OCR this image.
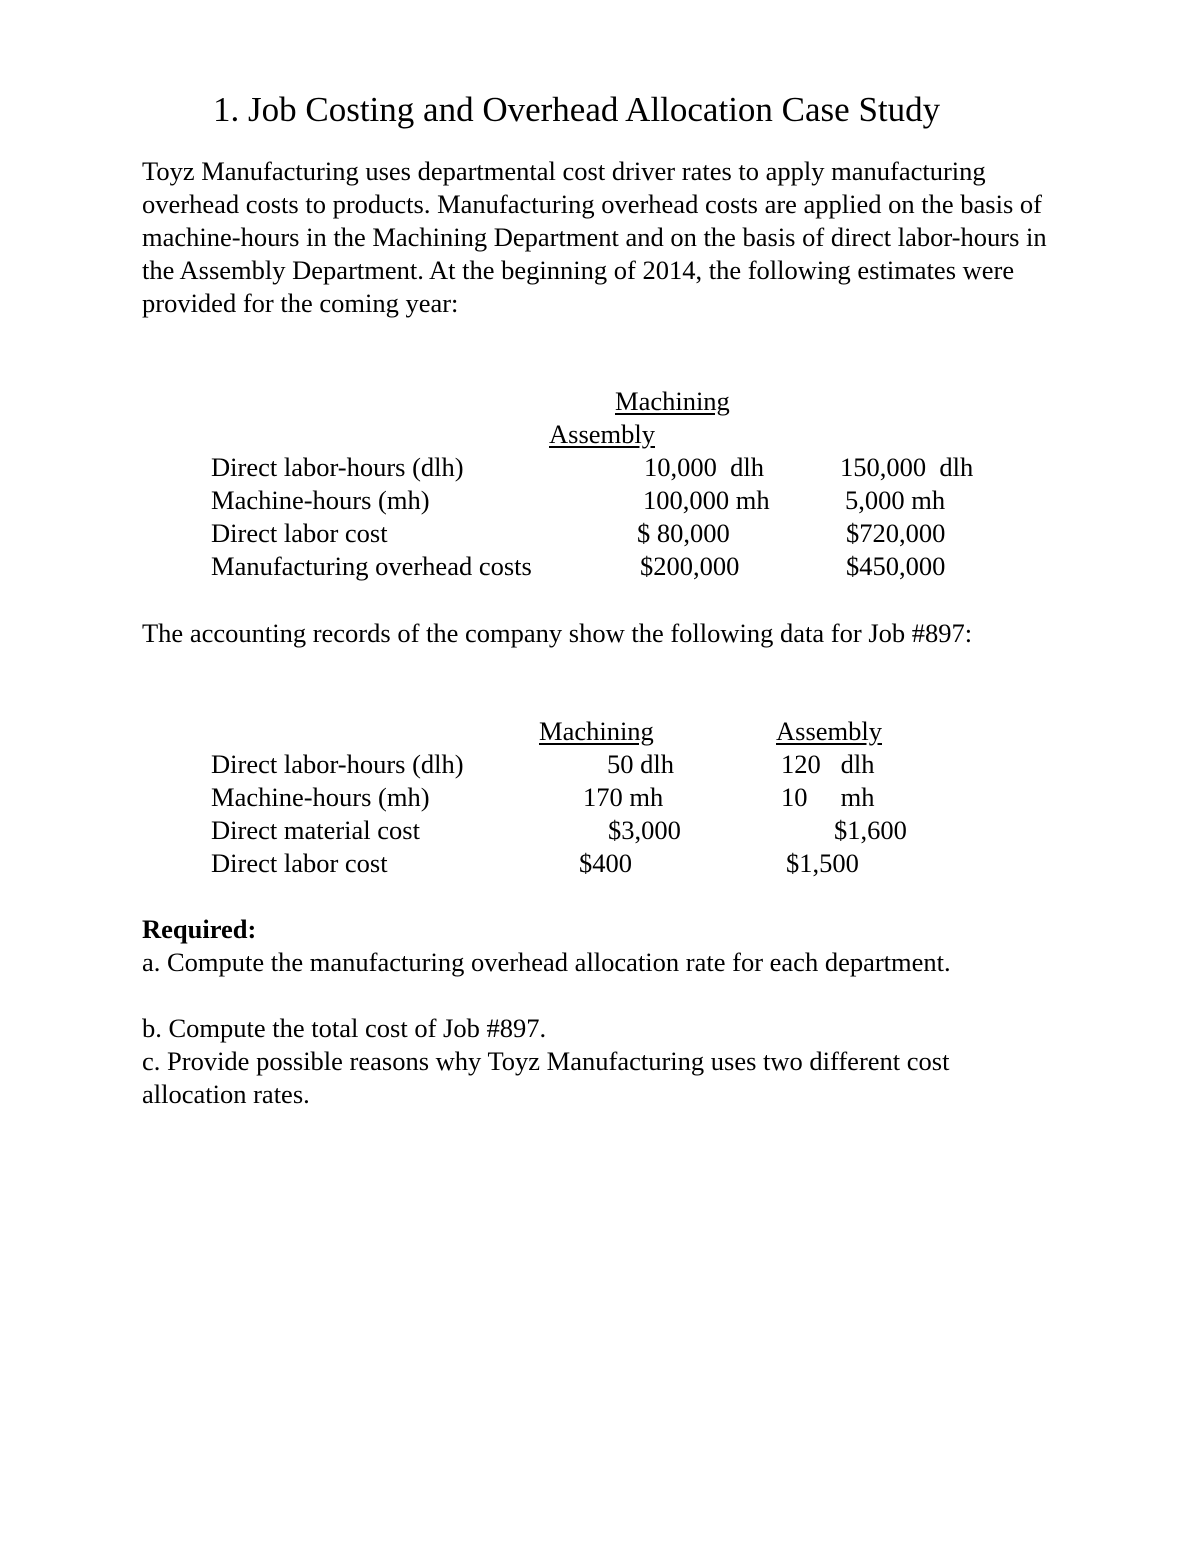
1. Job Costing and Overhead Allocation Case Study
Toyz Manufacturing uses departmental cost driver rates to apply manufacturing overhead costs to products. Manufacturing overhead costs are applied on the basis of machine-hours in the Machining Department and on the basis of direct labor-hours in the Assembly Department. At the beginning of 2014, the following estimates were provided for the coming year:
Machining
Assembly
Direct labor-hours (dlh)	10,000  dlh	150,000  dlh
Machine-hours (mh)	100,000 mh	5,000 mh
Direct labor cost	$ 80,000	$720,000
Manufacturing overhead costs	$200,000	$450,000
The accounting records of the company show the following data for Job #897:
Machining	Assembly
Direct labor-hours (dlh)	50 dlh	120   dlh
Machine-hours (mh)	170 mh	10     mh
Direct material cost	$3,000	$1,600
Direct labor cost	$400	$1,500
Required:
a. Compute the manufacturing overhead allocation rate for each department.
b. Compute the total cost of Job #897.
c. Provide possible reasons why Toyz Manufacturing uses two different cost allocation rates.
